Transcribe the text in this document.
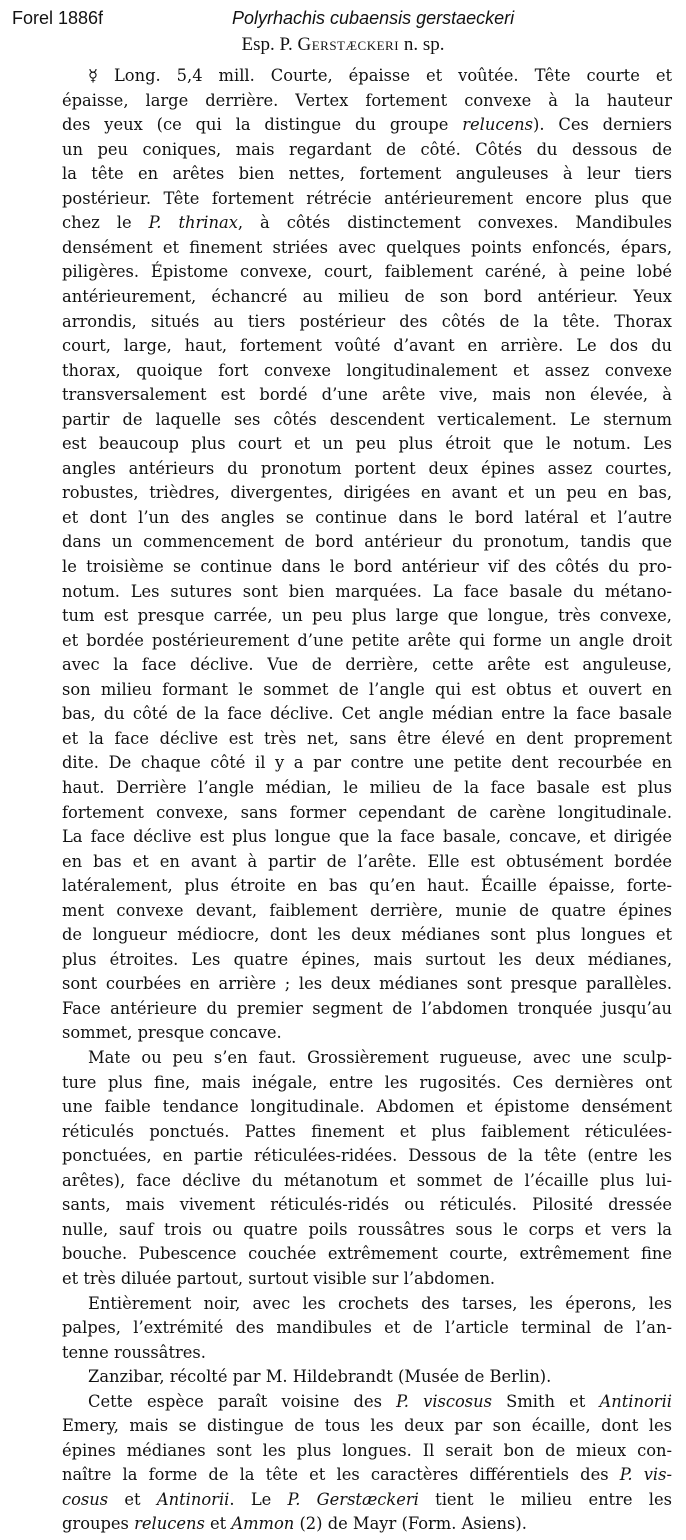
Forel 1886f	Polyrhachis cubaensis gerstaeckeri
Esp. P. Gerstæckeri n. sp.
☿ Long. 5,4 mill. Courte, épaisse et voûtée. Tête courte et
épaisse, large derrière. Vertex fortement convexe à la hauteur
des yeux (ce qui la distingue du groupe relucens). Ces derniers
un peu coniques, mais regardant de côté. Côtés du dessous de
la tête en arêtes bien nettes, fortement anguleuses à leur tiers
postérieur. Tête fortement rétrécie antérieurement encore plus que
chez le P. thrinax, à côtés distinctement convexes. Mandibules
densément et finement striées avec quelques points enfoncés, épars,
piligères. Épistome convexe, court, faiblement caréné, à peine lobé
antérieurement, échancré au milieu de son bord antérieur. Yeux
arrondis, situés au tiers postérieur des côtés de la tête. Thorax
court, large, haut, fortement voûté d’avant en arrière. Le dos du
thorax, quoique fort convexe longitudinalement et assez convexe
transversalement est bordé d’une arête vive, mais non élevée, à
partir de laquelle ses côtés descendent verticalement. Le sternum
est beaucoup plus court et un peu plus étroit que le notum. Les
angles antérieurs du pronotum portent deux épines assez courtes,
robustes, trièdres, divergentes, dirigées en avant et un peu en bas,
et dont l’un des angles se continue dans le bord latéral et l’autre
dans un commencement de bord antérieur du pronotum, tandis que
le troisième se continue dans le bord antérieur vif des côtés du pro-
notum. Les sutures sont bien marquées. La face basale du métano-
tum est presque carrée, un peu plus large que longue, très convexe,
et bordée postérieurement d’une petite arête qui forme un angle droit
avec la face déclive. Vue de derrière, cette arête est anguleuse,
son milieu formant le sommet de l’angle qui est obtus et ouvert en
bas, du côté de la face déclive. Cet angle médian entre la face basale
et la face déclive est très net, sans être élevé en dent proprement
dite. De chaque côté il y a par contre une petite dent recourbée en
haut. Derrière l’angle médian, le milieu de la face basale est plus
fortement convexe, sans former cependant de carène longitudinale.
La face déclive est plus longue que la face basale, concave, et dirigée
en bas et en avant à partir de l’arête. Elle est obtusément bordée
latéralement, plus étroite en bas qu’en haut. Écaille épaisse, forte-
ment convexe devant, faiblement derrière, munie de quatre épines
de longueur médiocre, dont les deux médianes sont plus longues et
plus étroites. Les quatre épines, mais surtout les deux médianes,
sont courbées en arrière ; les deux médianes sont presque parallèles.
Face antérieure du premier segment de l’abdomen tronquée jusqu’au
sommet, presque concave.
Mate ou peu s’en faut. Grossièrement rugueuse, avec une sculp-
ture plus fine, mais inégale, entre les rugosités. Ces dernières ont
une faible tendance longitudinale. Abdomen et épistome densément
réticulés ponctués. Pattes finement et plus faiblement réticulées-
ponctuées, en partie réticulées-ridées. Dessous de la tête (entre les
arêtes), face déclive du métanotum et sommet de l’écaille plus lui-
sants, mais vivement réticulés-ridés ou réticulés. Pilosité dressée
nulle, sauf trois ou quatre poils roussâtres sous le corps et vers la
bouche. Pubescence couchée extrêmement courte, extrêmement fine
et très diluée partout, surtout visible sur l’abdomen.
Entièrement noir, avec les crochets des tarses, les éperons, les
palpes, l’extrémité des mandibules et de l’article terminal de l’an-
tenne roussâtres.
Zanzibar, récolté par M. Hildebrandt (Musée de Berlin).
Cette espèce paraît voisine des P. viscosus Smith et Antinorii
Emery, mais se distingue de tous les deux par son écaille, dont les
épines médianes sont les plus longues. Il serait bon de mieux con-
naître la forme de la tête et les caractères différentiels des P. vis-
cosus et Antinorii. Le P. Gerstæckeri tient le milieu entre les
groupes relucens et Ammon (2) de Mayr (Form. Asiens).
